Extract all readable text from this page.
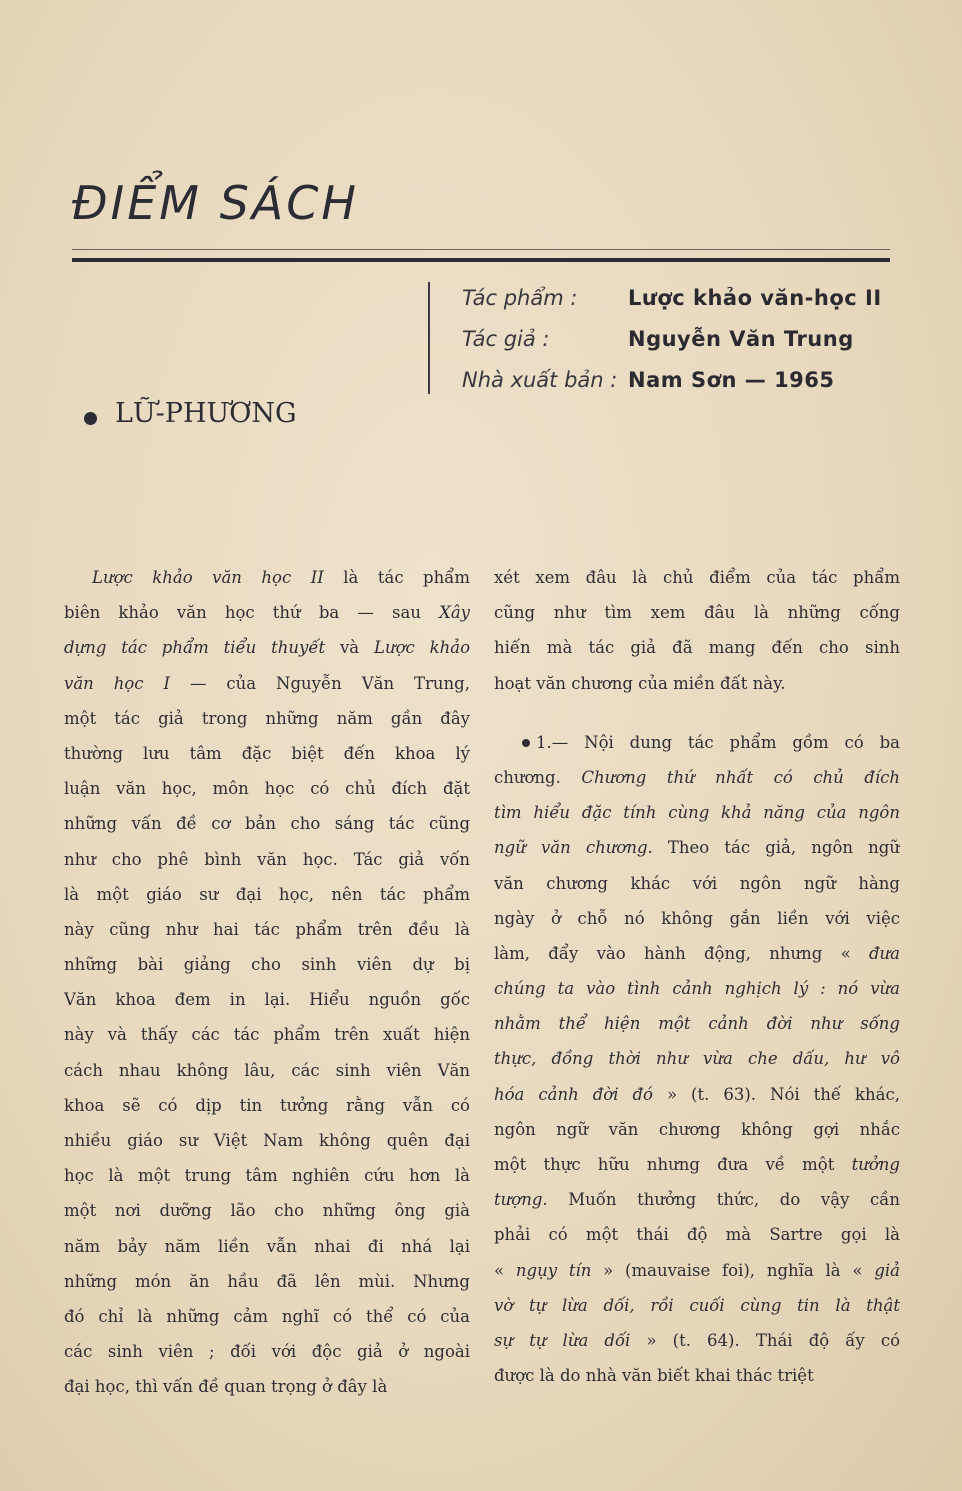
ĐIỂM SÁCH
Tác phẩm : Lược khảo văn-học II
Tác giả :	Nguyễn Văn Trung
Nhà xuất bản : Nam Sơn — 1965
LỮ-PHƯƠNG
Lược khảo văn học II là tác phẩm
biên khảo văn học thứ ba — sau Xây
dựng tác phẩm tiểu thuyết và Lược khảo
văn học I — của Nguyễn Văn Trung,
một tác giả trong những năm gần đây
thường lưu tâm đặc biệt đến khoa lý
luận văn học, môn học có chủ đích đặt
những vấn đề cơ bản cho sáng tác cũng
như cho phê bình văn học. Tác giả vốn
là một giáo sư đại học, nên tác phẩm
này cũng như hai tác phẩm trên đều là
những bài giảng cho sinh viên dự bị
Văn khoa đem in lại. Hiểu nguồn gốc
này và thấy các tác phẩm trên xuất hiện
cách nhau không lâu, các sinh viên Văn
khoa sẽ có dịp tin tưởng rằng vẫn có
nhiều giáo sư Việt Nam không quên đại
học là một trung tâm nghiên cứu hơn là
một nơi dưỡng lão cho những ông già
năm bảy năm liền vẫn nhai đi nhá lại
những món ăn hầu đã lên mùi. Nhưng
đó chỉ là những cảm nghĩ có thể có của
các sinh viên ; đối với độc giả ở ngoài
đại học, thì vấn đề quan trọng ở đây là
xét xem đâu là chủ điểm của tác phẩm
cũng như tìm xem đâu là những cống
hiến mà tác giả đã mang đến cho sinh
hoạt văn chương của miền đất này.
1.— Nội dung tác phẩm gồm có ba
chương. Chương thứ nhất có chủ đích
tìm hiểu đặc tính cùng khả năng của ngôn
ngữ văn chương. Theo tác giả, ngôn ngữ
văn chương khác với ngôn ngữ hàng
ngày ở chỗ nó không gắn liền với việc
làm, đẩy vào hành động, nhưng « đưa
chúng ta vào tình cảnh nghịch lý : nó vừa
nhằm thể hiện một cảnh đời như sống
thực, đồng thời như vừa che dấu, hư vô
hóa cảnh đời đó » (t. 63). Nói thế khác,
ngôn ngữ văn chương không gợi nhắc
một thực hữu nhưng đưa về một tưởng
tượng. Muốn thưởng thức, do vậy cần
phải có một thái độ mà Sartre gọi là
« ngụy tín » (mauvaise foi), nghĩa là « giả
vờ tự lừa dối, rồi cuối cùng tin là thật
sự tự lừa dối » (t. 64). Thái độ ấy có
được là do nhà văn biết khai thác triệt
